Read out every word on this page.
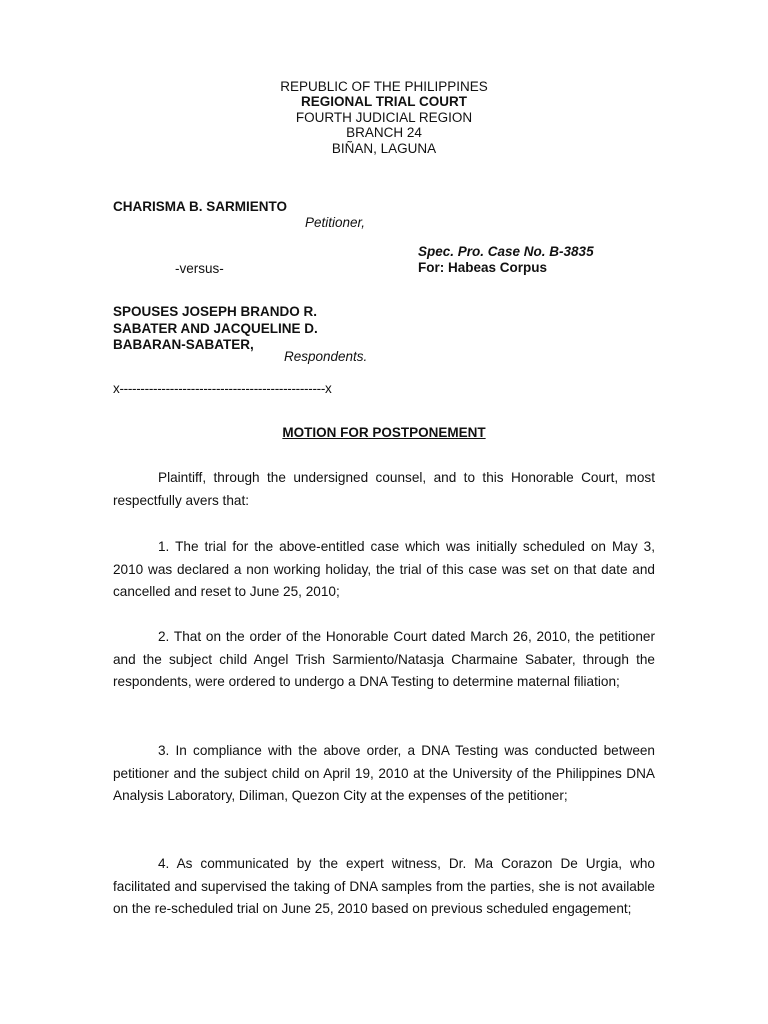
REPUBLIC OF THE PHILIPPINES
REGIONAL TRIAL COURT
FOURTH JUDICIAL REGION
BRANCH 24
BIÑAN, LAGUNA
CHARISMA B. SARMIENTO
Petitioner,
Spec. Pro. Case No. B-3835
-versus-	For: Habeas Corpus
SPOUSES JOSEPH BRANDO R.
SABATER AND JACQUELINE D.
BABARAN-SABATER,
Respondents.
x-------------------------------------------------x
MOTION FOR POSTPONEMENT
Plaintiff, through the undersigned counsel, and to this Honorable Court, most respectfully avers that:
1. The trial for the above-entitled case which was initially scheduled on May 3, 2010 was declared a non working holiday, the trial of this case was set on that date and cancelled and reset to June 25, 2010;
2. That on the order of the Honorable Court dated March 26, 2010, the petitioner and the subject child Angel Trish Sarmiento/Natasja Charmaine Sabater, through the respondents, were ordered to undergo a DNA Testing to determine maternal filiation;
3. In compliance with the above order, a DNA Testing was conducted between petitioner and the subject child on April 19, 2010 at the University of the Philippines DNA Analysis Laboratory, Diliman, Quezon City at the expenses of the petitioner;
4. As communicated by the expert witness, Dr. Ma Corazon De Urgia, who facilitated and supervised the taking of DNA samples from the parties, she is not available on the re-scheduled trial on June 25, 2010 based on previous scheduled engagement;
